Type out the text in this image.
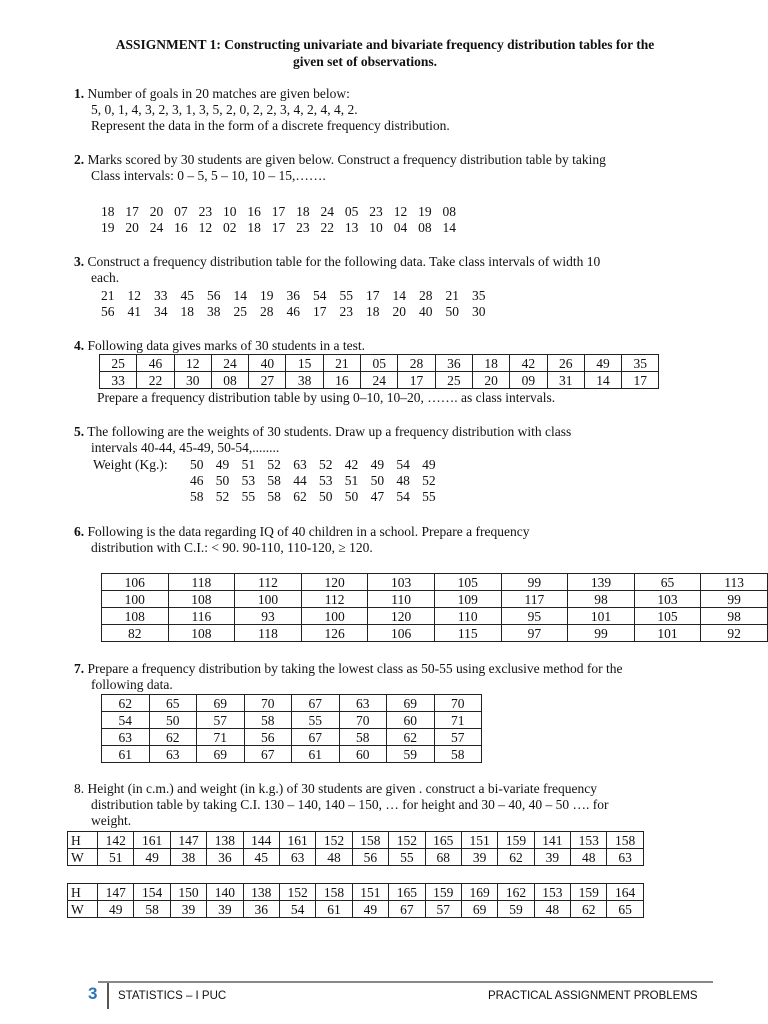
ASSIGNMENT 1: Constructing univariate and bivariate frequency distribution tables for the
given set of observations.
1. Number of goals in 20 matches are given below:
5, 0, 1, 4, 3, 2, 3, 1, 3, 5, 2, 0, 2, 2, 3, 4, 2, 4, 4, 2.
Represent the data in the form of a discrete frequency distribution.
2. Marks scored by 30 students are given below. Construct a frequency distribution table by taking
Class intervals: 0 – 5, 5 – 10, 10 – 15,…….
18 17 20 07 23 10 16 17 18 24 05 23 12 19 08
19 20 24 16 12 02 18 17 23 22 13 10 04 08 14
3. Construct a frequency distribution table for the following data. Take class intervals of width 10
each.
21 12 33 45 56 14 19 36 54 55 17 14 28 21 35
56 41 34 18 38 25 28 46 17 23 18 20 40 50 30
4. Following data gives marks of 30 students in a test.
25	46	12	24	40	15	21	05	28	36	18	42	26	49	35
33	22	30	08	27	38	16	24	17	25	20	09	31	14	17
Prepare a frequency distribution table by using 0–10, 10–20, ……. as class intervals.
5. The following are the weights of 30 students. Draw up a frequency distribution with class
intervals 40-44, 45-49, 50-54,........
Weight (Kg.): 50 49 51 52 63 52 42 49 54 49
46 50 53 58 44 53 51 50 48 52
58 52 55 58 62 50 50 47 54 55
6. Following is the data regarding IQ of 40 children in a school. Prepare a frequency
distribution with C.I.: < 90. 90-110, 110-120, ≥ 120.
106	118	112	120	103	105	99	139	65	113
100	108	100	112	110	109	117	98	103	99
108	116	93	100	120	110	95	101	105	98
82	108	118	126	106	115	97	99	101	92
7. Prepare a frequency distribution by taking the lowest class as 50-55 using exclusive method for the
following data.
62	65	69	70	67	63	69	70
54	50	57	58	55	70	60	71
63	62	71	56	67	58	62	57
61	63	69	67	61	60	59	58
8. Height (in c.m.) and weight (in k.g.) of 30 students are given . construct a bi-variate frequency
distribution table by taking C.I. 130 – 140, 140 – 150, … for height and 30 – 40, 40 – 50 …. for
weight.
H	142	161	147	138	144	161	152	158	152	165	151	159	141	153	158
W	51	49	38	36	45	63	48	56	55	68	39	62	39	48	63
H	147	154	150	140	138	152	158	151	165	159	169	162	153	159	164
W	49	58	39	39	36	54	61	49	67	57	69	59	48	62	65
3 STATISTICS – I PUC	PRACTICAL ASSIGNMENT PROBLEMS
